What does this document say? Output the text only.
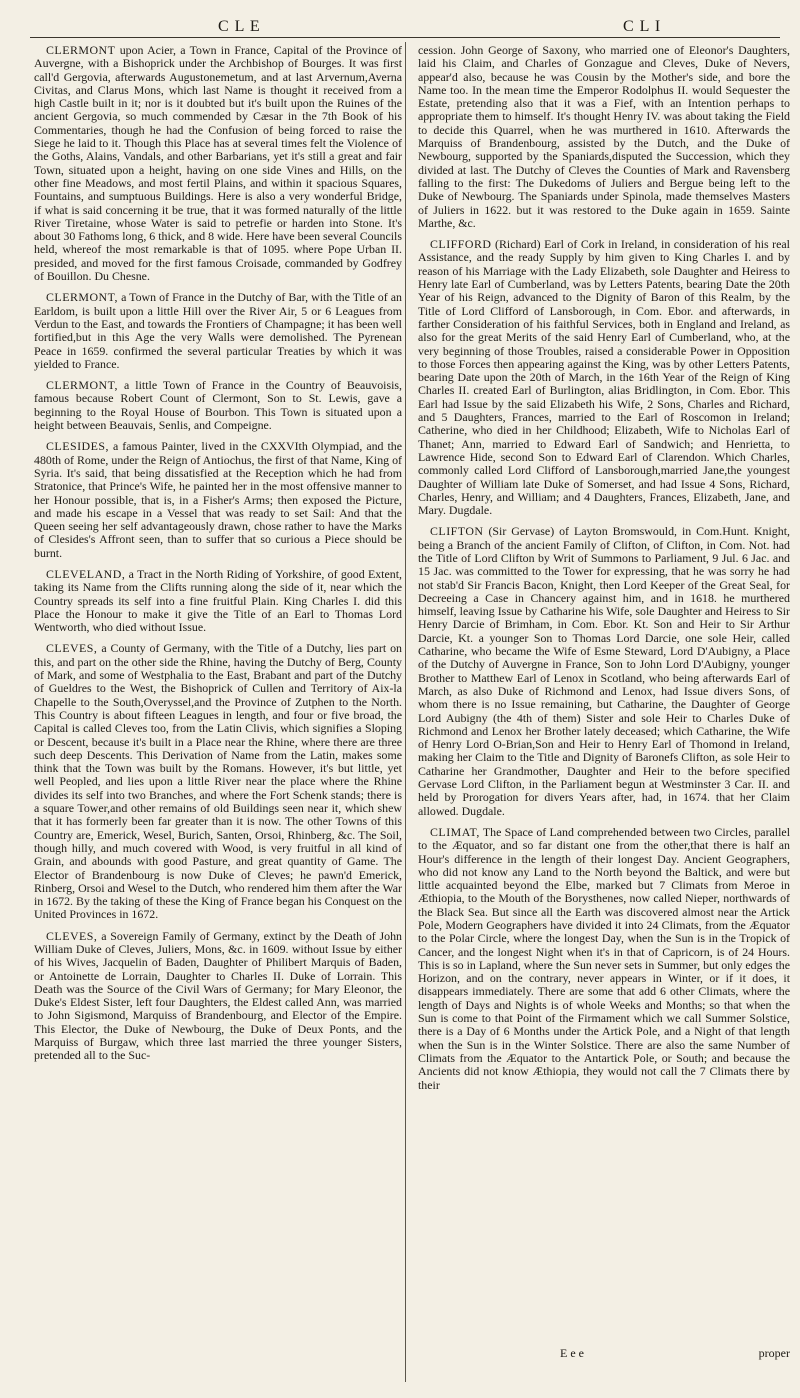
C L E	C L I

CLERMONT upon Acier, a Town in France, Capital of the Province of Auvergne, with a Bishoprick under the Archbishop of Bourges. It was first call'd Gergovia, afterwards Augustonemetum, and at last Arvernum,Averna Civitas, and Clarus Mons, which last Name is thought it received from a high Castle built in it; nor is it doubted but it's built upon the Ruines of the ancient Gergovia, so much commended by Cæsar in the 7th Book of his Commentaries, though he had the Confusion of being forced to raise the Siege he laid to it. Though this Place has at several times felt the Violence of the Goths, Alains, Vandals, and other Barbarians, yet it's still a great and fair Town, situated upon a height, having on one side Vines and Hills, on the other fine Meadows, and most fertil Plains, and within it spacious Squares, Fountains, and sumptuous Buildings. Here is also a very wonderful Bridge, if what is said concerning it be true, that it was formed naturally of the little River Tiretaine, whose Water is said to petrefie or harden into Stone. It's about 30 Fathoms long, 6 thick, and 8 wide. Here have been several Councils held, whereof the most remarkable is that of 1095. where Pope Urban II. presided, and moved for the first famous Croisade, commanded by Godfrey of Bouillon. Du Chesne.

CLERMONT, a Town of France in the Dutchy of Bar, with the Title of an Earldom, is built upon a little Hill over the River Air, 5 or 6 Leagues from Verdun to the East, and towards the Frontiers of Champagne; it has been well fortified,but in this Age the very Walls were demolished. The Pyrenean Peace in 1659. confirmed the several particular Treaties by which it was yielded to France.

CLERMONT, a little Town of France in the Country of Beauvoisis, famous because Robert Count of Clermont, Son to St. Lewis, gave a beginning to the Royal House of Bourbon. This Town is situated upon a height between Beauvais, Senlis, and Compeigne.

CLESIDES, a famous Painter, lived in the CXXVIth Olympiad, and the 480th of Rome, under the Reign of Antiochus, the first of that Name, King of Syria. It's said, that being dissatisfied at the Reception which he had from Stratonice, that Prince's Wife, he painted her in the most offensive manner to her Honour possible, that is, in a Fisher's Arms; then exposed the Picture, and made his escape in a Vessel that was ready to set Sail: And that the Queen seeing her self advantageously drawn, chose rather to have the Marks of Clesides's Affront seen, than to suffer that so curious a Piece should be burnt.

CLEVELAND, a Tract in the North Riding of Yorkshire, of good Extent, taking its Name from the Clifts running along the side of it, near which the Country spreads its self into a fine fruitful Plain. King Charles I. did this Place the Honour to make it give the Title of an Earl to Thomas Lord Wentworth, who died without Issue.

CLEVES, a County of Germany, with the Title of a Dutchy, lies part on this, and part on the other side the Rhine, having the Dutchy of Berg, County of Mark, and some of Westphalia to the East, Brabant and part of the Dutchy of Gueldres to the West, the Bishoprick of Cullen and Territory of Aix-la Chapelle to the South,Overyssel,and the Province of Zutphen to the North. This Country is about fifteen Leagues in length, and four or five broad, the Capital is called Cleves too, from the Latin Clivis, which signifies a Sloping or Descent, because it's built in a Place near the Rhine, where there are three such deep Descents. This Derivation of Name from the Latin, makes some think that the Town was built by the Romans. However, it's but little, yet well Peopled, and lies upon a little River near the place where the Rhine divides its self into two Branches, and where the Fort Schenk stands; there is a square Tower,and other remains of old Buildings seen near it, which shew that it has formerly been far greater than it is now. The other Towns of this Country are, Emerick, Wesel, Burich, Santen, Orsoi, Rhinberg, &c. The Soil, though hilly, and much covered with Wood, is very fruitful in all kind of Grain, and abounds with good Pasture, and great quantity of Game. The Elector of Brandenbourg is now Duke of Cleves; he pawn'd Emerick, Rinberg, Orsoi and Wesel to the Dutch, who rendered him them after the War in 1672. By the taking of these the King of France began his Conquest on the United Provinces in 1672.

CLEVES, a Sovereign Family of Germany, extinct by the Death of John William Duke of Cleves, Juliers, Mons, &c. in 1609. without Issue by either of his Wives, Jacquelin of Baden, Daughter of Philibert Marquis of Baden, or Antoinette de Lorrain, Daughter to Charles II. Duke of Lorrain. This Death was the Source of the Civil Wars of Germany; for Mary Eleonor, the Duke's Eldest Sister, left four Daughters, the Eldest called Ann, was married to John Sigismond, Marquiss of Brandenbourg, and Elector of the Empire. This Elector, the Duke of Newbourg, the Duke of Deux Ponts, and the Marquiss of Burgaw, which three last married the three younger Sisters, pretended all to the Suc-

cession. John George of Saxony, who married one of Eleonor's Daughters, laid his Claim, and Charles of Gonzague and Cleves, Duke of Nevers, appear'd also, because he was Cousin by the Mother's side, and bore the Name too. In the mean time the Emperor Rodolphus II. would Sequester the Estate, pretending also that it was a Fief, with an Intention perhaps to appropriate them to himself. It's thought Henry IV. was about taking the Field to decide this Quarrel, when he was murthered in 1610. Afterwards the Marquiss of Brandenbourg, assisted by the Dutch, and the Duke of Newbourg, supported by the Spaniards,disputed the Succession, which they divided at last. The Dutchy of Cleves the Counties of Mark and Ravensberg falling to the first: The Dukedoms of Juliers and Bergue being left to the Duke of Newbourg. The Spaniards under Spinola, made themselves Masters of Juliers in 1622. but it was restored to the Duke again in 1659. Sainte Marthe, &c.

CLIFFORD (Richard) Earl of Cork in Ireland, in consideration of his real Assistance, and the ready Supply by him given to King Charles I. and by reason of his Marriage with the Lady Elizabeth, sole Daughter and Heiress to Henry late Earl of Cumberland, was by Letters Patents, bearing Date the 20th Year of his Reign, advanced to the Dignity of Baron of this Realm, by the Title of Lord Clifford of Lansborough, in Com. Ebor. and afterwards, in farther Consideration of his faithful Services, both in England and Ireland, as also for the great Merits of the said Henry Earl of Cumberland, who, at the very beginning of those Troubles, raised a considerable Power in Opposition to those Forces then appearing against the King, was by other Letters Patents, bearing Date upon the 20th of March, in the 16th Year of the Reign of King Charles II. created Earl of Burlington, alias Bridlington, in Com. Ebor. This Earl had Issue by the said Elizabeth his Wife, 2 Sons, Charles and Richard, and 5 Daughters, Frances, married to the Earl of Roscomon in Ireland; Catherine, who died in her Childhood; Elizabeth, Wife to Nicholas Earl of Thanet; Ann, married to Edward Earl of Sandwich; and Henrietta, to Lawrence Hide, second Son to Edward Earl of Clarendon. Which Charles, commonly called Lord Clifford of Lansborough,married Jane,the youngest Daughter of William late Duke of Somerset, and had Issue 4 Sons, Richard, Charles, Henry, and William; and 4 Daughters, Frances, Elizabeth, Jane, and Mary. Dugdale.

CLIFTON (Sir Gervase) of Layton Bromswould, in Com.Hunt. Knight, being a Branch of the ancient Family of Clifton, of Clifton, in Com. Not. had the Title of Lord Clifton by Writ of Summons to Parliament, 9 Jul. 6 Jac. and 15 Jac. was committed to the Tower for expressing, that he was sorry he had not stab'd Sir Francis Bacon, Knight, then Lord Keeper of the Great Seal, for Decreeing a Case in Chancery against him, and in 1618. he murthered himself, leaving Issue by Catharine his Wife, sole Daughter and Heiress to Sir Henry Darcie of Brimham, in Com. Ebor. Kt. Son and Heir to Sir Arthur Darcie, Kt. a younger Son to Thomas Lord Darcie, one sole Heir, called Catharine, who became the Wife of Esme Steward, Lord D'Aubigny, a Place of the Dutchy of Auvergne in France, Son to John Lord D'Aubigny, younger Brother to Matthew Earl of Lenox in Scotland, who being afterwards Earl of March, as also Duke of Richmond and Lenox, had Issue divers Sons, of whom there is no Issue remaining, but Catharine, the Daughter of George Lord Aubigny (the 4th of them) Sister and sole Heir to Charles Duke of Richmond and Lenox her Brother lately deceased; which Catharine, the Wife of Henry Lord O-Brian,Son and Heir to Henry Earl of Thomond in Ireland, making her Claim to the Title and Dignity of Baronefs Clifton, as sole Heir to Catharine her Grandmother, Daughter and Heir to the before specified Gervase Lord Clifton, in the Parliament begun at Westminster 3 Car. II. and held by Prorogation for divers Years after, had, in 1674. that her Claim allowed. Dugdale.

CLIMAT, The Space of Land comprehended between two Circles, parallel to the Æquator, and so far distant one from the other,that there is half an Hour's difference in the length of their longest Day. Ancient Geographers, who did not know any Land to the North beyond the Baltick, and were but little acquainted beyond the Elbe, marked but 7 Climats from Meroe in Æthiopia, to the Mouth of the Borysthenes, now called Nieper, northwards of the Black Sea. But since all the Earth was discovered almost near the Artick Pole, Modern Geographers have divided it into 24 Climats, from the Æquator to the Polar Circle, where the longest Day, when the Sun is in the Tropick of Cancer, and the longest Night when it's in that of Capricorn, is of 24 Hours. This is so in Lapland, where the Sun never sets in Summer, but only edges the Horizon, and on the contrary, never appears in Winter, or if it does, it disappears immediately. There are some that add 6 other Climats, where the length of Days and Nights is of whole Weeks and Months; so that when the Sun is come to that Point of the Firmament which we call Summer Solstice, there is a Day of 6 Months under the Artick Pole, and a Night of that length when the Sun is in the Winter Solstice. There are also the same Number of Climats from the Æquator to the Antartick Pole, or South; and because the Ancients did not know Æthiopia, they would not call the 7 Climats there by their

E e e	proper
